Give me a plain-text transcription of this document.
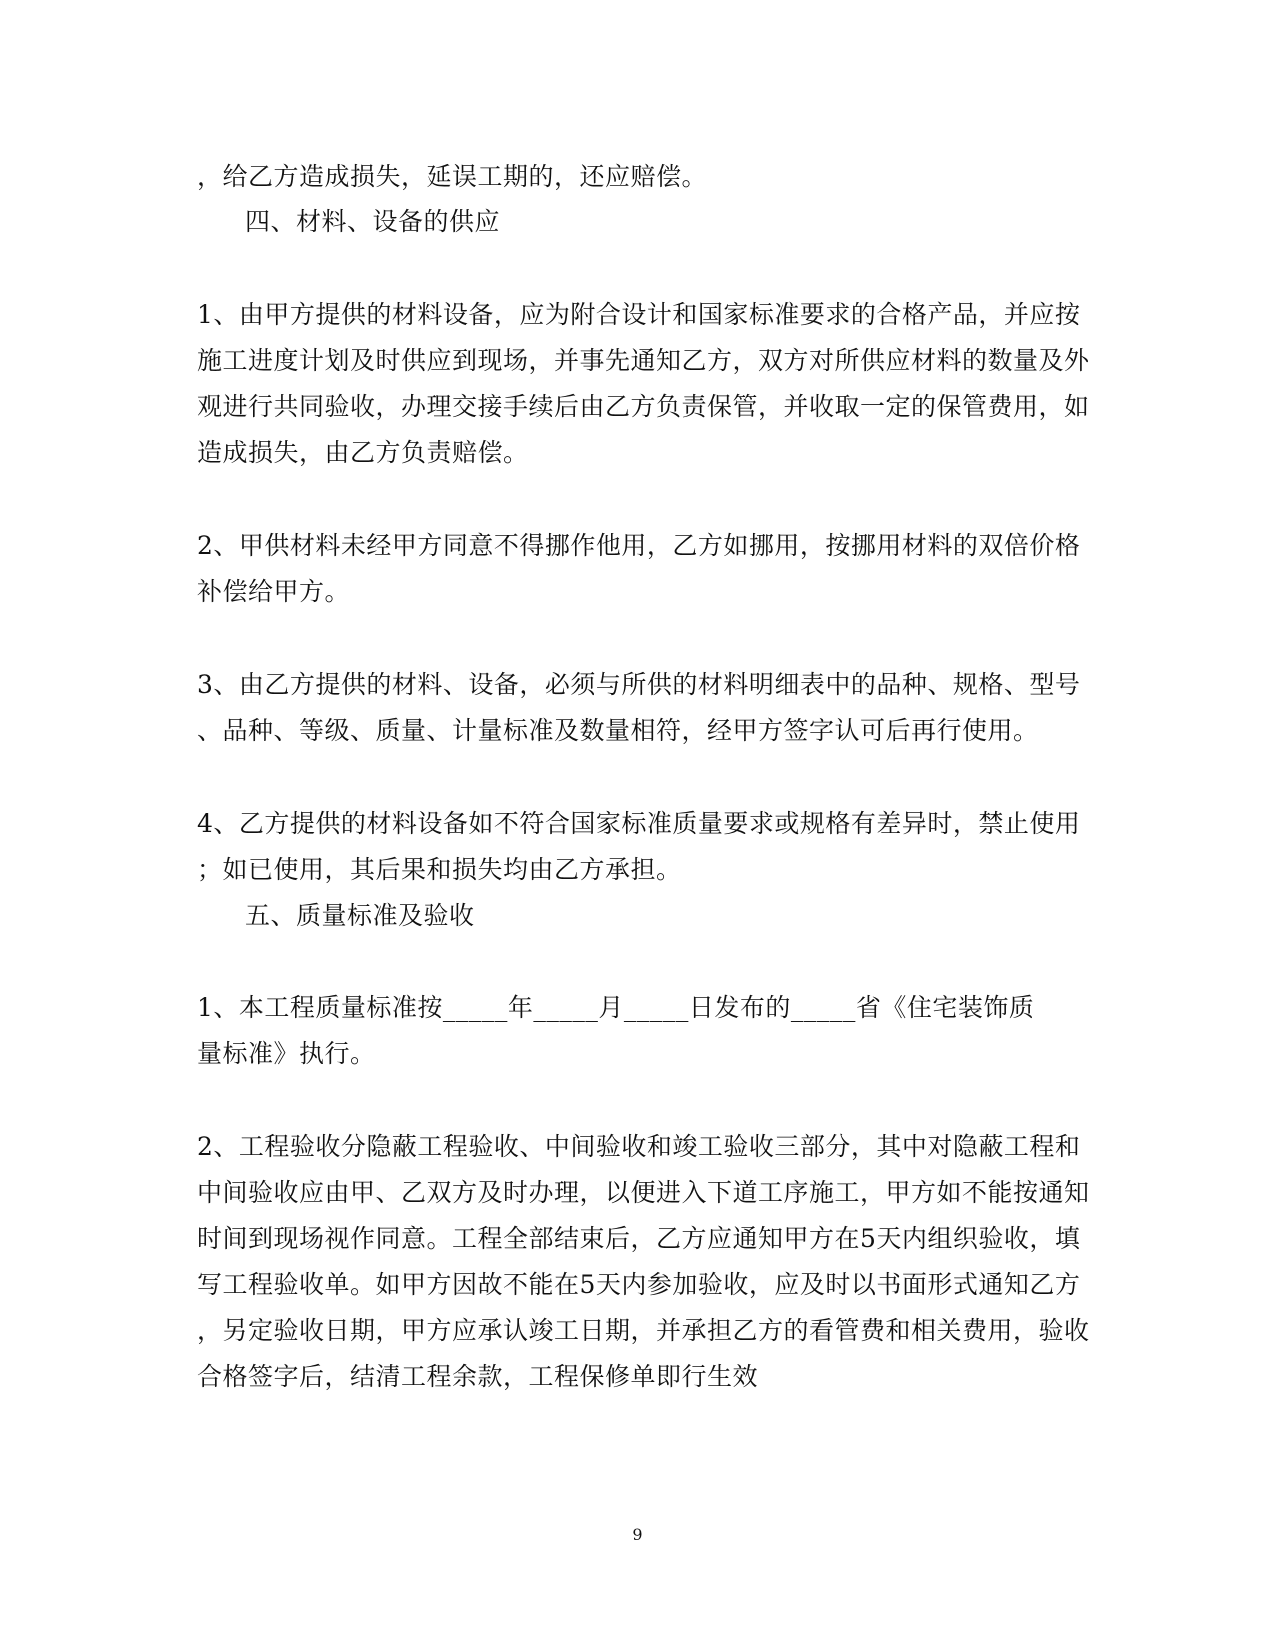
，给乙方造成损失，延误工期的，还应赔偿。
四、材料、设备的供应
1、由甲方提供的材料设备，应为附合设计和国家标准要求的合格产品，并应按
施工进度计划及时供应到现场，并事先通知乙方，双方对所供应材料的数量及外
观进行共同验收，办理交接手续后由乙方负责保管，并收取一定的保管费用，如
造成损失，由乙方负责赔偿。
2、甲供材料未经甲方同意不得挪作他用，乙方如挪用，按挪用材料的双倍价格
补偿给甲方。
3、由乙方提供的材料、设备，必须与所供的材料明细表中的品种、规格、型号
、品种、等级、质量、计量标准及数量相符，经甲方签字认可后再行使用。
4、乙方提供的材料设备如不符合国家标准质量要求或规格有差异时，禁止使用
；如已使用，其后果和损失均由乙方承担。
五、质量标准及验收
1、本工程质量标准按_____年_____月_____日发布的_____省《住宅装饰质
量标准》执行。
2、工程验收分隐蔽工程验收、中间验收和竣工验收三部分，其中对隐蔽工程和
中间验收应由甲、乙双方及时办理，以便进入下道工序施工，甲方如不能按通知
时间到现场视作同意。工程全部结束后，乙方应通知甲方在5天内组织验收，填
写工程验收单。如甲方因故不能在5天内参加验收，应及时以书面形式通知乙方
，另定验收日期，甲方应承认竣工日期，并承担乙方的看管费和相关费用，验收
合格签字后，结清工程余款，工程保修单即行生效
9
